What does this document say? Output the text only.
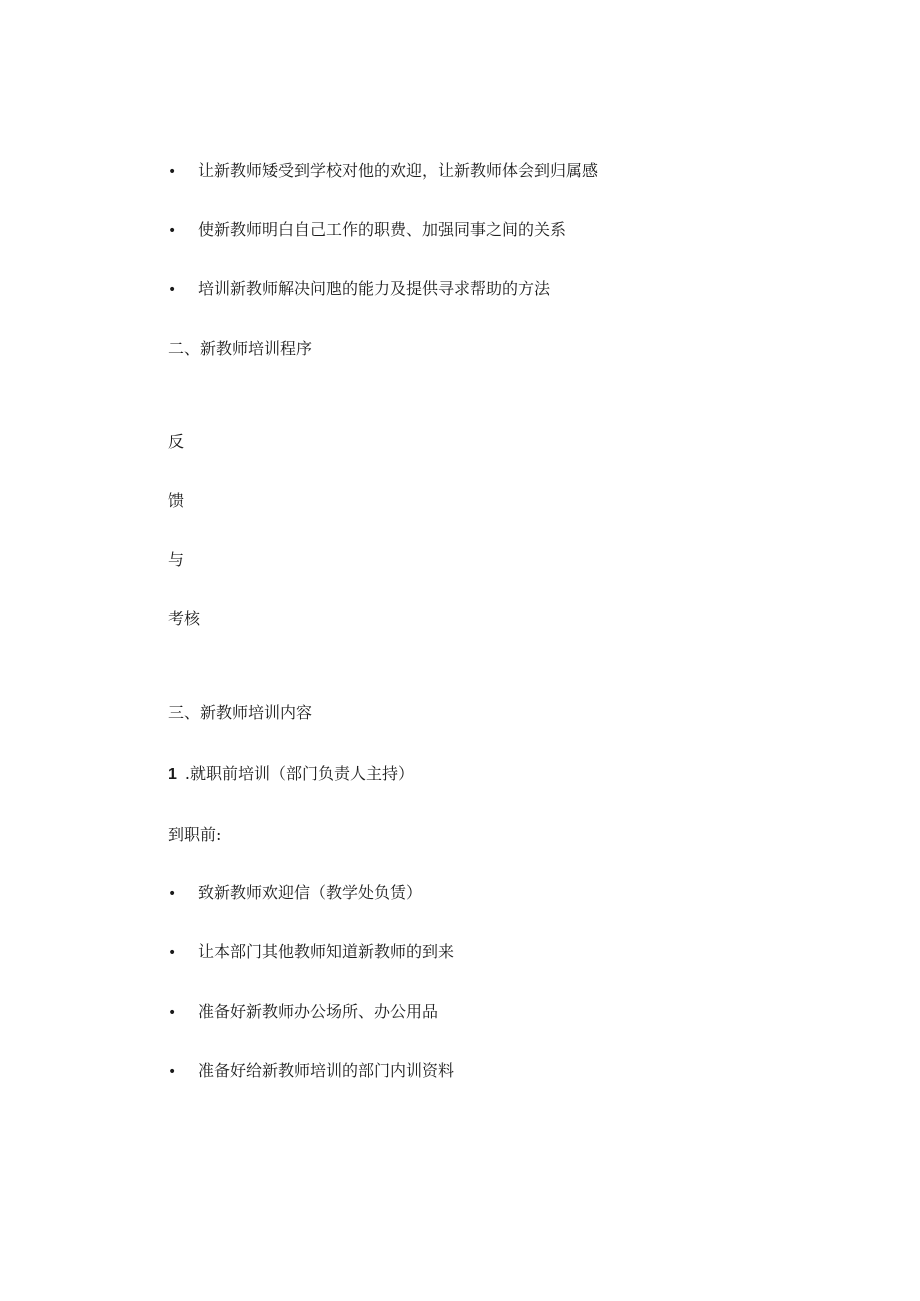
• 让新教师矮受到学校对他的欢迎，让新教师体会到归属感
• 使新教师明白自己工作的职费、加强同事之间的关系
• 培训新教师解决问虺的能力及提供寻求帮助的方法
二、新教师培训程序
反
馈
与
考核
三、新教师培训内容
1 .就职前培训（部门负责人主持）
到职前:
• 致新教师欢迎信（教学处负赁）
• 让本部门其他教师知道新教师的到来
• 准备好新教师办公场所、办公用品
• 准备好给新教师培训的部门内训资料
